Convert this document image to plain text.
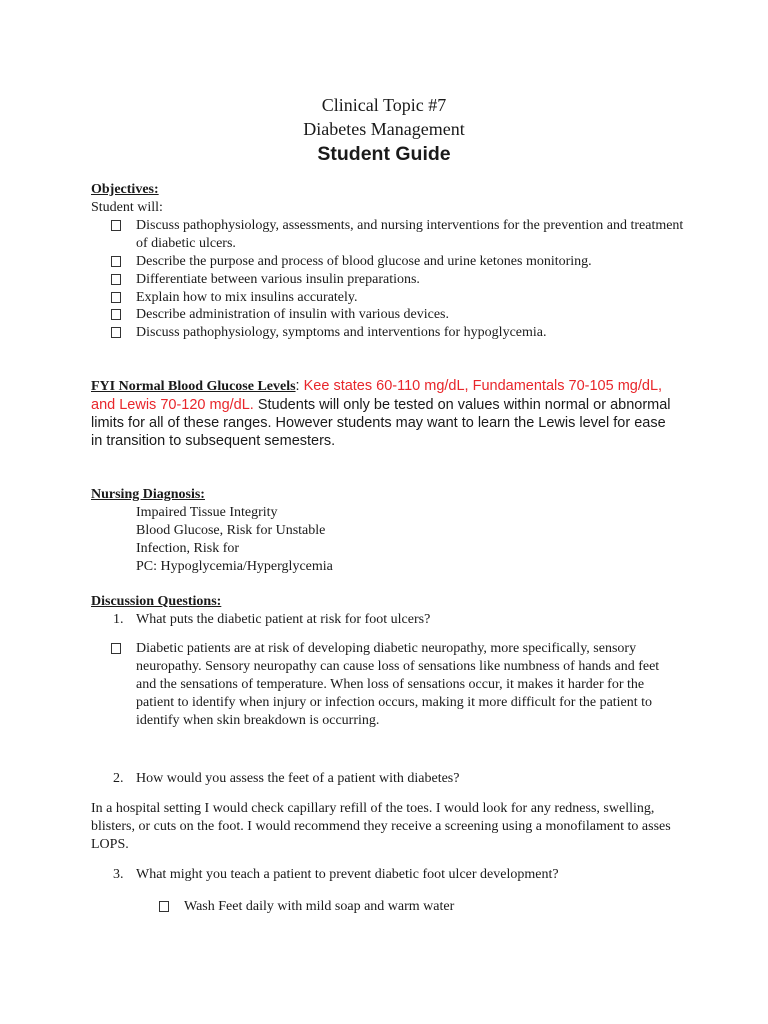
Clinical Topic #7
Diabetes Management
Student Guide
Objectives:
Student will:
Discuss pathophysiology, assessments, and nursing interventions for the prevention and treatment of diabetic ulcers.
Describe the purpose and process of blood glucose and urine ketones monitoring.
Differentiate between various insulin preparations.
Explain how to mix insulins accurately.
Describe administration of insulin with various devices.
Discuss pathophysiology, symptoms and interventions for hypoglycemia.
FYI Normal Blood Glucose Levels: Kee states 60-110 mg/dL, Fundamentals 70-105 mg/dL, and Lewis 70-120 mg/dL. Students will only be tested on values within normal or abnormal limits for all of these ranges. However students may want to learn the Lewis level for ease in transition to subsequent semesters.
Nursing Diagnosis:
Impaired Tissue Integrity
Blood Glucose, Risk for Unstable
Infection, Risk for
PC: Hypoglycemia/Hyperglycemia
Discussion Questions:
1. What puts the diabetic patient at risk for foot ulcers?
Diabetic patients are at risk of developing diabetic neuropathy, more specifically, sensory neuropathy. Sensory neuropathy can cause loss of sensations like numbness of hands and feet and the sensations of temperature. When loss of sensations occur, it makes it harder for the patient to identify when injury or infection occurs, making it more difficult for the patient to identify when skin breakdown is occurring.
2. How would you assess the feet of a patient with diabetes?
In a hospital setting I would check capillary refill of the toes. I would look for any redness, swelling, blisters, or cuts on the foot. I would recommend they receive a screening using a monofilament to asses LOPS.
3. What might you teach a patient to prevent diabetic foot ulcer development?
Wash Feet daily with mild soap and warm water
